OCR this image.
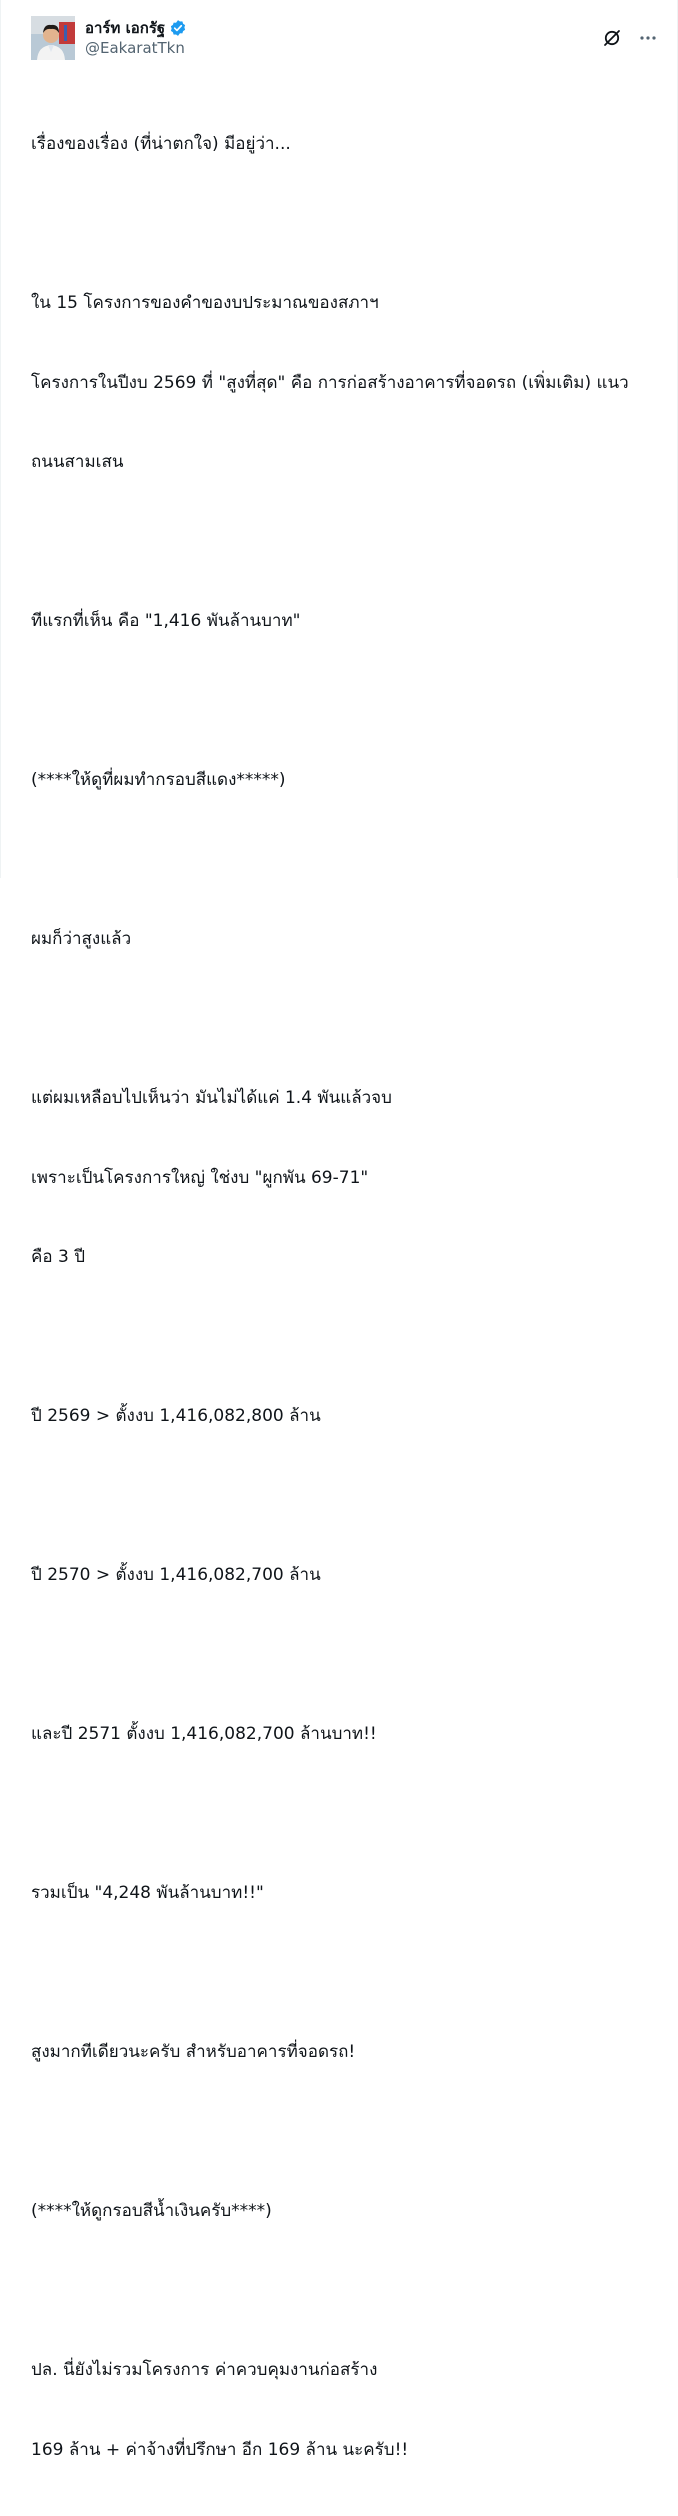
อาร์ท เอกรัฐ
@EakaratTkn

เรื่องของเรื่อง (ที่น่าตกใจ) มีอยู่ว่า...

ใน 15 โครงการของคำของบประมาณของสภาฯ

โครงการในปีงบ 2569 ที่ "สูงที่สุด" คือ การก่อสร้างอาคารที่จอดรถ (เพิ่มเติม) แนว

ถนนสามเสน

ทีแรกที่เห็น คือ "1,416 พันล้านบาท"

(****ให้ดูที่ผมทำกรอบสีแดง*****)

ผมก็ว่าสูงแล้ว

แต่ผมเหลือบไปเห็นว่า มันไม่ได้แค่ 1.4 พันแล้วจบ

เพราะเป็นโครงการใหญ่ ใช่งบ "ผูกพัน 69-71"

คือ 3 ปี

ปี 2569 > ตั้งงบ 1,416,082,800 ล้าน

ปี 2570 > ตั้งงบ 1,416,082,700 ล้าน

และปี 2571 ตั้งงบ 1,416,082,700 ล้านบาท!!

รวมเป็น "4,248 พันล้านบาท!!"

สูงมากทีเดียวนะครับ สำหรับอาคารที่จอดรถ!

(****ให้ดูกรอบสีน้ำเงินครับ****)

ปล. นี่ยังไม่รวมโครงการ ค่าควบคุมงานก่อสร้าง

169 ล้าน + ค่าจ้างที่ปรึกษา อีก 169 ล้าน นะครับ!!
